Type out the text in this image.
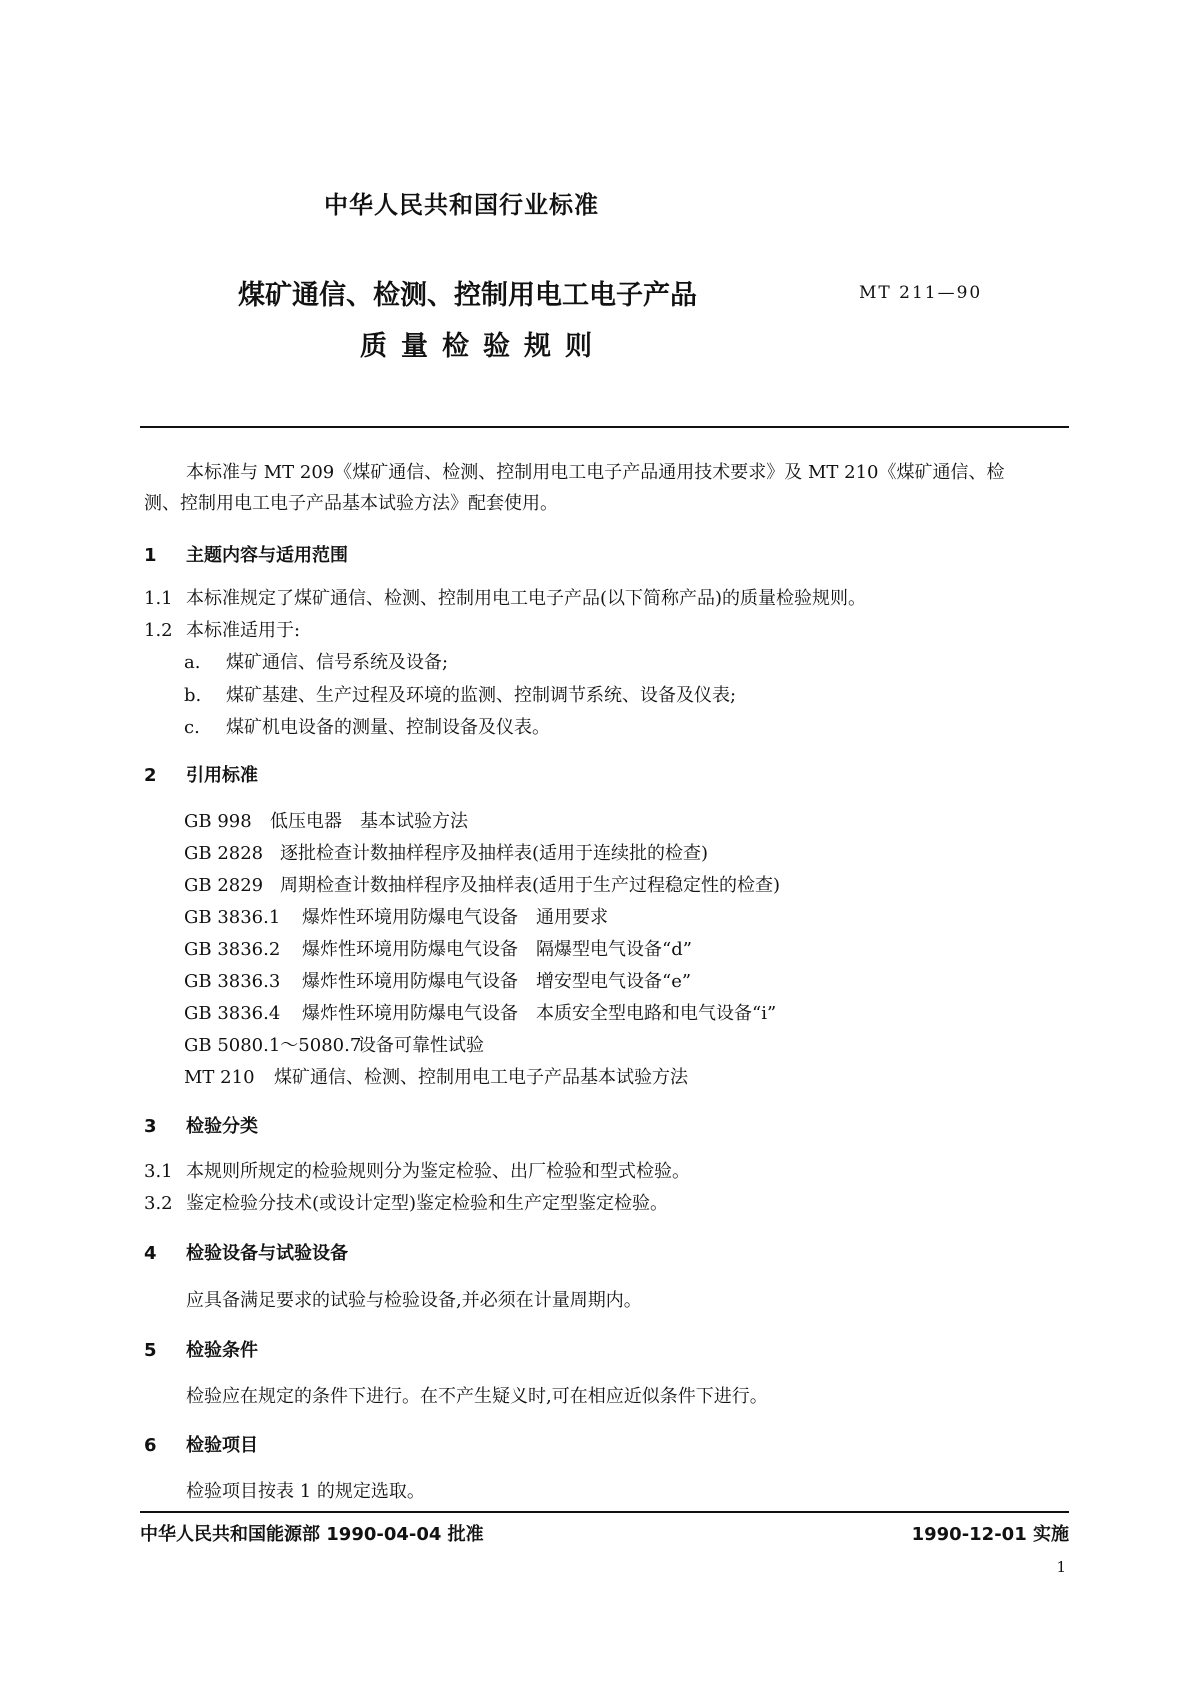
中华人民共和国行业标准
煤矿通信、检测、控制用电工电子产品
质量检验规则
MT 211—90
本标准与 MT 209《煤矿通信、检测、控制用电工电子产品通用技术要求》及 MT 210《煤矿通信、检
测、控制用电工电子产品基本试验方法》配套使用。
1 主题内容与适用范围
1.1 本标准规定了煤矿通信、检测、控制用电工电子产品(以下简称产品)的质量检验规则。
1.2 本标准适用于:
a. 煤矿通信、信号系统及设备;
b. 煤矿基建、生产过程及环境的监测、控制调节系统、设备及仪表;
c. 煤矿机电设备的测量、控制设备及仪表。
2 引用标准
GB 998 低压电器　基本试验方法
GB 2828 逐批检查计数抽样程序及抽样表(适用于连续批的检查)
GB 2829 周期检查计数抽样程序及抽样表(适用于生产过程稳定性的检查)
GB 3836.1 爆炸性环境用防爆电气设备　通用要求
GB 3836.2 爆炸性环境用防爆电气设备　隔爆型电气设备“d”
GB 3836.3 爆炸性环境用防爆电气设备　增安型电气设备“e”
GB 3836.4 爆炸性环境用防爆电气设备　本质安全型电路和电气设备“i”
GB 5080.1～5080.7设备可靠性试验
MT 210 煤矿通信、检测、控制用电工电子产品基本试验方法
3 检验分类
3.1 本规则所规定的检验规则分为鉴定检验、出厂检验和型式检验。
3.2 鉴定检验分技术(或设计定型)鉴定检验和生产定型鉴定检验。
4 检验设备与试验设备
应具备满足要求的试验与检验设备,并必须在计量周期内。
5 检验条件
检验应在规定的条件下进行。在不产生疑义时,可在相应近似条件下进行。
6 检验项目
检验项目按表 1 的规定选取。
中华人民共和国能源部 1990-04-04 批准	1990-12-01 实施
1
